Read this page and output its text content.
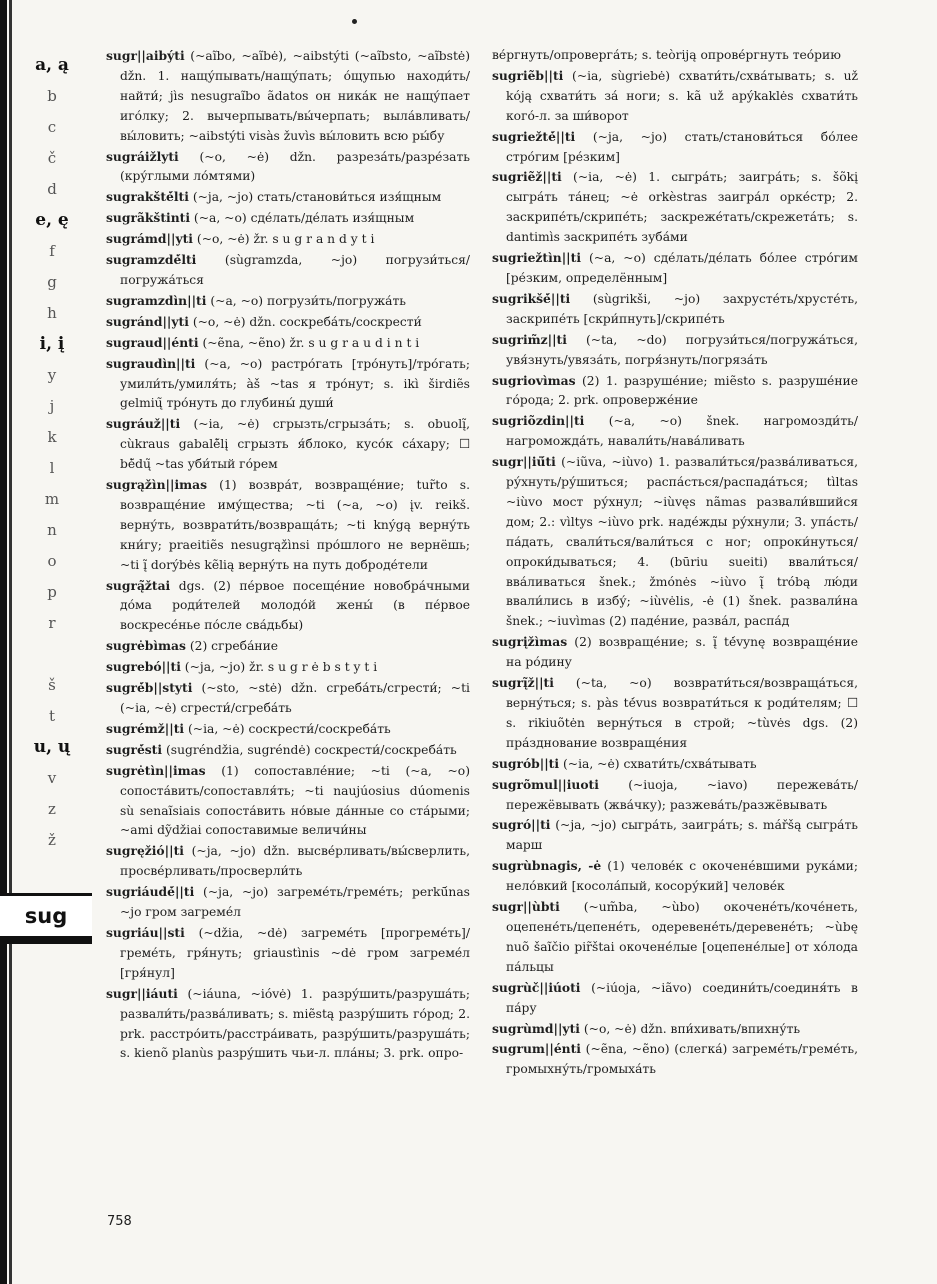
a, ą
b
c
č
d
e, ę
f
g
h
i, į
y
j
k
l
m
n
o
p
r
š
t
u, ų
v
z
ž
sug

sugr||aibýti (~aĩbo, ~aĩbė), ~aibstýti (~aĩbsto, ~aĩbstė) džn. 1. нащу́пывать/нащу́пать; о́щупью находи́ть/найти́; jìs nesugraĩbo ãdatos он ника́к не нащу́пает иго́лку; 2. вычерпывать/вы́черпать; выла́вливать/вы́ловить; ~aibstýti visàs žuvìs вы́ловить всю ры́бу

sugráižlyti (~o, ~ė) džn. разреза́ть/разре́зать (кру́глыми ло́мтями)

sugrakštė́lti (~ja, ~jo) стать/станови́ться изя́щным

sugrãkštinti (~a, ~o) сде́лать/де́лать изя́щным

sugrámd||yti (~o, ~ė) žr. s u g r a n d y t i

sugramzdė́lti (sùgramzda, ~jo) погрузи́ться/погружа́ться

sugramzdìn||ti (~a, ~o) погрузи́ть/погружа́ть

sugránd||yti (~o, ~ė) džn. соскреба́ть/соскрести́

sugraud||énti (~ẽna, ~ẽno) žr. s u g r a u d i n t i

sugraudìn||ti (~a, ~o) растро́гать [тро́нуть]/тро́гать; умили́ть/умиля́ть; àš ~tas я тро́нут; s. ikì širdiẽs gelmių̃ тро́нуть до глубины́ души́

sugráuž||ti (~ia, ~ė) сгрызть/сгрыза́ть; s. obuolį̃, cùkraus gabalė̃lį сгрызть я́блоко, кусо́к са́хару; ☐ bė̃dų̃ ~tas уби́тый го́рем

sugrąžìn||imas (1) возвра́т, возвраще́ние; tur̃to s. возвраще́ние иму́щества; ~ti (~a, ~o) įv. reikš. верну́ть, возврати́ть/возвраща́ть; ~ti knýgą верну́ть кни́гу; praeitiẽs nesugrąžìnsi про́шлого не вернёшь; ~ti į̃ dorýbės kẽlią верну́ть на путь доброде́тели

sugrą̃žtai dgs. (2) пе́рвое посеще́ние новобра́чными до́ма роди́телей молодо́й жены́ (в пе́рвое воскресе́нье по́сле сва́дьбы)

sugrėbìmas (2) сгреба́ние

sugrebó||ti (~ja, ~jo) žr. s u g r ė b s t y t i

sugrė́b||styti (~sto, ~stė) džn. сгреба́ть/сгрести́; ~ti (~ia, ~ė) сгрести́/сгреба́ть

sugrémž||ti (~ia, ~ė) соскрести́/соскреба́ть

sugrė́sti (sugréndžia, sugréndė) соскрести́/соскреба́ть

sugrėtìn||imas (1) сопоставле́ние; ~ti (~a, ~o) сопоста́вить/сопоставля́ть; ~ti naujúosius dúomenis sù senaĩsiais сопоста́вить но́вые да́нные со ста́рыми; ~ami dỹdžiai сопоставимые величи́ны

sugręžió||ti (~ja, ~jo) džn. высве́рливать/вы́сверлить, просве́рливать/просверли́ть

sugriáudė́||ti (~ja, ~jo) загреме́ть/греме́ть; perkū́nas ~jo гром загреме́л

sugriáu||sti (~džia, ~dė) загреме́ть [прогреме́ть]/греме́ть, гря́нуть; griaustìnis ~dė гром загреме́л [гря́нул]

sugr||iáuti (~iáuna, ~ióvė) 1. разру́шить/разруша́ть; развали́ть/разва́ливать; s. miẽstą разру́шить го́род; 2. prk. расстро́ить/расстра́ивать, разру́шить/разруша́ть; s. kienõ planùs разру́шить чьи-л. пла́ны; 3. prk. опро-

ве́ргнуть/опроверга́ть; s. teòriją опрове́ргнуть тео́рию

sugriẽb||ti (~ia, sùgriebė) схвати́ть/схва́тывать; s. už kóją схвати́ть за́ ноги; s. kã už apýkaklės схвати́ть кого́-л. за ши́ворот

sugriežtė́||ti (~ja, ~jo) стать/станови́ться бо́лее стро́гим [ре́зким]

sugriẽž||ti (~ia, ~ė) 1. сыгра́ть; заигра́ть; s. šõkį сыгра́ть та́нец; ~ė orkèstras заигра́л орке́стр; 2. заскрипе́ть/скрипе́ть; заскреже́тать/скрежета́ть; s. dantimìs заскрипе́ть зуба́ми

sugriežtìn||ti (~a, ~o) сде́лать/де́лать бо́лее стро́гим [ре́зким, определённым]

sugrikšė́||ti (sùgrikši, ~jo) захрусте́ть/хрусте́ть, заскрипе́ть [скри́пнуть]/скрипе́ть

sugrim̃z||ti (~ta, ~do) погрузи́ться/погружа́ться, увя́знуть/увяза́ть, погря́знуть/погряза́ть

sugriovìmas (2) 1. разруше́ние; miẽsto s. разруше́ние го́рода; 2. prk. опроверже́ние

sugriõzdin||ti (~a, ~o) šnek. нагромозди́ть/нагроможда́ть, навали́ть/нава́ливать

sugr||iū́ti (~iũva, ~iùvo) 1. развали́ться/разва́ливаться, ру́хнуть/ру́шиться; распа́сться/распада́ться; tìltas ~iùvo мост ру́хнул; ~iùvęs nãmas развали́вшийся дом; 2.: vìltys ~iùvo prk. наде́жды ру́хнули; 3. упа́сть/па́дать, свали́ться/вали́ться с ног; опроки́нуться/опроки́дываться; 4. (būriu sueiti) ввали́ться/вва́ливаться šnek.; žmónės ~iùvo į̃ tróbą лю́ди ввали́лись в избу́; ~iùvėlis, -ė (1) šnek. развали́на šnek.; ~iuvìmas (2) паде́ние, разва́л, распа́д

sugrįžìmas (2) возвраще́ние; s. į̃ tė́vynę возвраще́ние на ро́дину

sugrį̃ž||ti (~ta, ~o) возврати́ться/возвраща́ться, верну́ться; s. pàs tė́vus возврати́ться к роди́телям; ☐ s. rikiuõtėn верну́ться в строй; ~tùvės dgs. (2) пра́зднование возвраще́ния

sugrób||ti (~ia, ~ė) схвати́ть/схва́тывать

sugrõmul||iuoti (~iuoja, ~iavo) пережева́ть/пережёвывать (жва́чку); разжева́ть/разжёвывать

sugró||ti (~ja, ~jo) сыгра́ть, заигра́ть; s. mářšą сыгра́ть марш

sugrùbnagis, -ė (1) челове́к с окоченéвшими рука́ми; нело́вкий [косола́пый, косору́кий] челове́к

sugr||ùbti (~um̃ba, ~ùbo) окочене́ть/коче́неть, оцепене́ть/цепене́ть, одеревене́ть/деревене́ть; ~ùbę nuõ šaĩčio pir̃štai окочене́лые [оцепене́лые] от хо́лода па́льцы

sugrùč||iúoti (~iúoja, ~iãvo) соедини́ть/соединя́ть в па́ру

sugrùmd||yti (~o, ~ė) džn. впи́хивать/впихну́ть

sugrum||énti (~ẽna, ~ẽno) (слегка́) загреме́ть/греме́ть, громыхну́ть/громыха́ть

758
